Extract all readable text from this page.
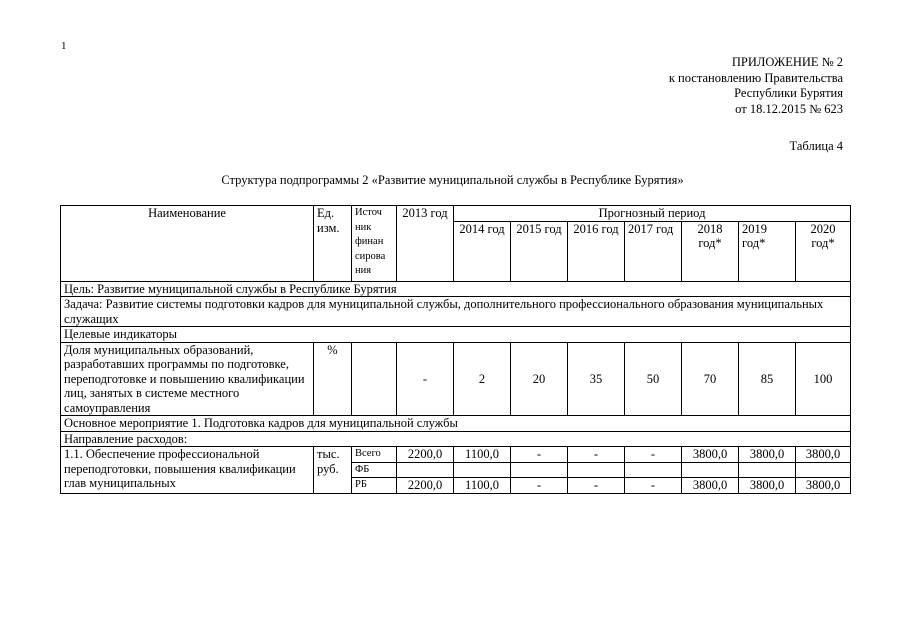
1
ПРИЛОЖЕНИЕ № 2
к постановлению Правительства
Республики Бурятия
от 18.12.2015 № 623
Таблица 4
Структура подпрограммы 2 «Развитие муниципальной службы в Республике Бурятия»
Наименование	Ед. изм.	Источ ник финан сирова ния	2013 год	Прогнозный период						
				2014 год	2015 год	2016 год	2017 год	2018 год*	2019 год*	2020 год*
Цель: Развитие муниципальной службы в Республике Бурятия										
Задача: Развитие системы подготовки кадров для муниципальной службы, дополнительного профессионального образования муниципальных служащих										
Целевые индикаторы										
Доля муниципальных образований, разработавших программы по подготовке, переподготовке и повышению квалификации лиц, занятых в системе местного самоуправления	%		-	2	20	35	50	70	85	100
Основное мероприятие 1. Подготовка кадров для муниципальной службы										
Направление расходов:										
1.1. Обеспечение профессиональной переподготовки, повышения квалификации глав муниципальных	тыс. руб.	Всего	2200,0	1100,0	-	-	-	3800,0	3800,0	3800,0
		ФБ								
		РБ	2200,0	1100,0	-	-	-	3800,0	3800,0	3800,0
